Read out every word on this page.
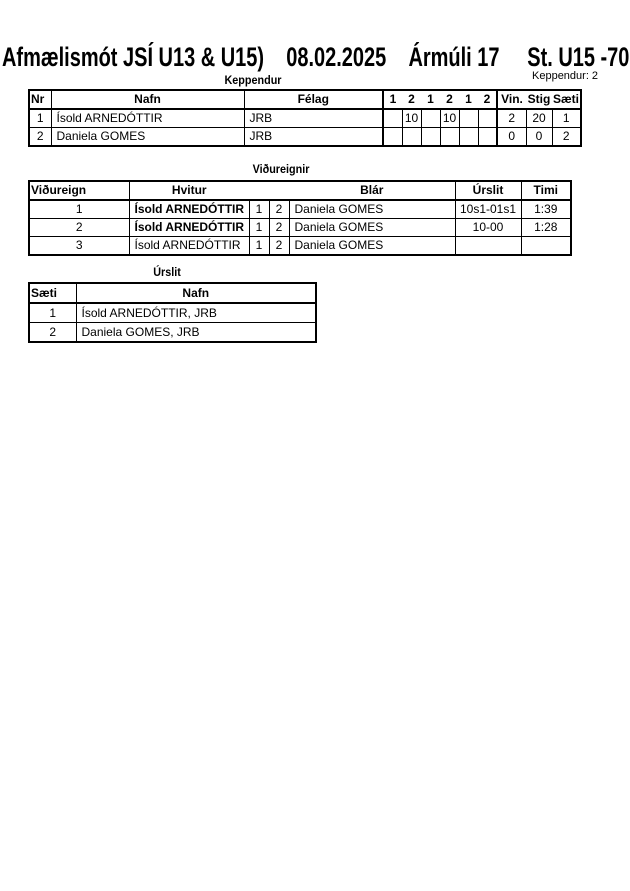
Afmælismót JSÍ U13 & U15)    08.02.2025    Ármúli 17     St. U15 -70
Keppendur: 2
Keppendur
Nr	Nafn	Félag	1	2	1	2	1	2	Vin.	Stig	Sæti
1	Ísold ARNEDÓTTIR	JRB		10		10			2	20	1
2	Daniela GOMES	JRB							0	0	2
Viðureignir
Viðureign	Hvitur			Blár	Úrslit	Timi
1	Ísold ARNEDÓTTIR	1	2	Daniela GOMES	10s1-01s1	1:39
2	Ísold ARNEDÓTTIR	1	2	Daniela GOMES	10-00	1:28
3	Ísold ARNEDÓTTIR	1	2	Daniela GOMES		
Úrslit
Sæti	Nafn
1	Ísold ARNEDÓTTIR, JRB
2	Daniela GOMES, JRB
